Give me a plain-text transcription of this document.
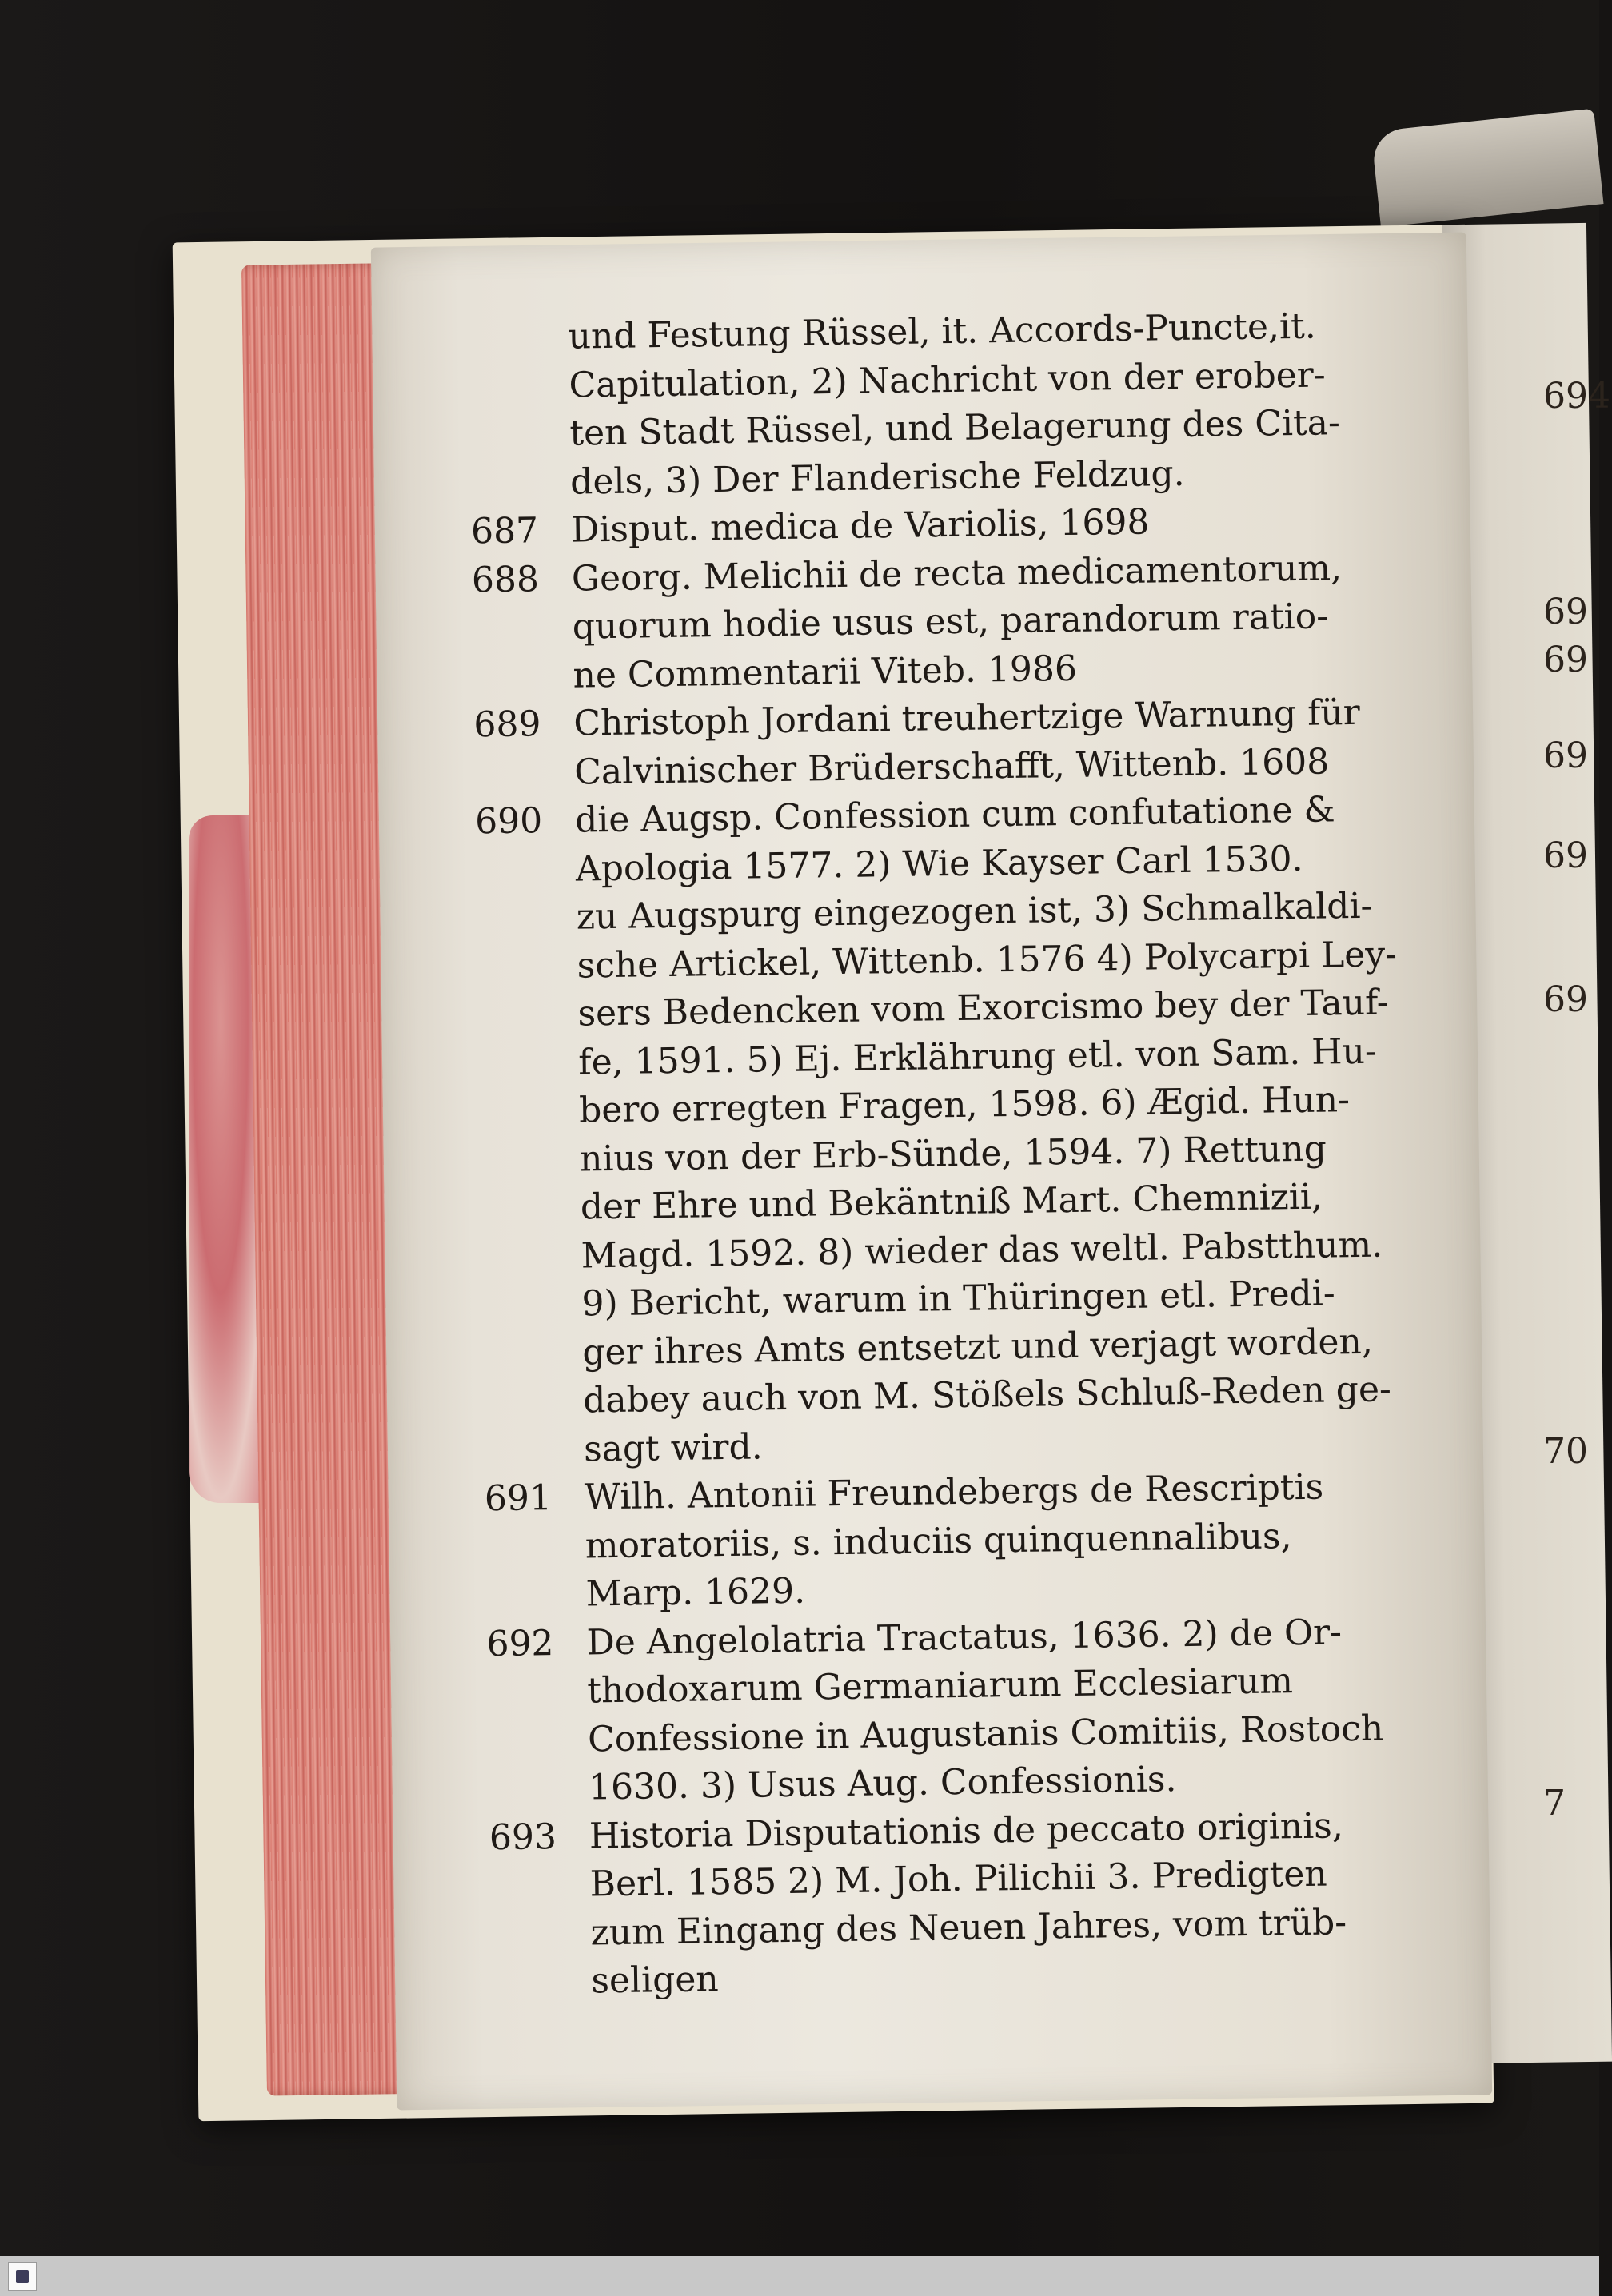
694
69
69
69
69
69
70
7
und Festung Rüssel, it. Accords-Puncte,it.
Capitulation, 2) Nachricht von der erober-
ten Stadt Rüssel, und Belagerung des Cita-
dels, 3) Der Flanderische Feldzug.
687 Disput. medica de Variolis, 1698
688 Georg. Melichii de recta medicamentorum,
quorum hodie usus est, parandorum ratio-
ne Commentarii Viteb. 1986
689 Christoph Jordani treuhertzige Warnung für
Calvinischer Brüderschafft, Wittenb. 1608
690 die Augsp. Confession cum confutatione &
Apologia 1577. 2) Wie Kayser Carl 1530.
zu Augspurg eingezogen ist, 3) Schmalkaldi-
sche Artickel, Wittenb. 1576 4) Polycarpi Ley-
sers Bedencken vom Exorcismo bey der Tauf-
fe, 1591. 5) Ej. Erklährung etl. von Sam. Hu-
bero erregten Fragen, 1598. 6) Ægid. Hun-
nius von der Erb-Sünde, 1594. 7) Rettung
der Ehre und Bekäntniß Mart. Chemnizii,
Magd. 1592. 8) wieder das weltl. Pabstthum.
9) Bericht, warum in Thüringen etl. Predi-
ger ihres Amts entsetzt und verjagt worden,
dabey auch von M. Stößels Schluß-Reden ge-
sagt wird.
691 Wilh. Antonii Freundebergs de Rescriptis
moratoriis, s. induciis quinquennalibus,
Marp. 1629.
692 De Angelolatria Tractatus, 1636. 2) de Or-
thodoxarum Germaniarum Ecclesiarum
Confessione in Augustanis Comitiis, Rostoch
1630. 3) Usus Aug. Confessionis.
693 Historia Disputationis de peccato originis,
Berl. 1585 2) M. Joh. Pilichii 3. Predigten
zum Eingang des Neuen Jahres, vom trüb-
seligen
